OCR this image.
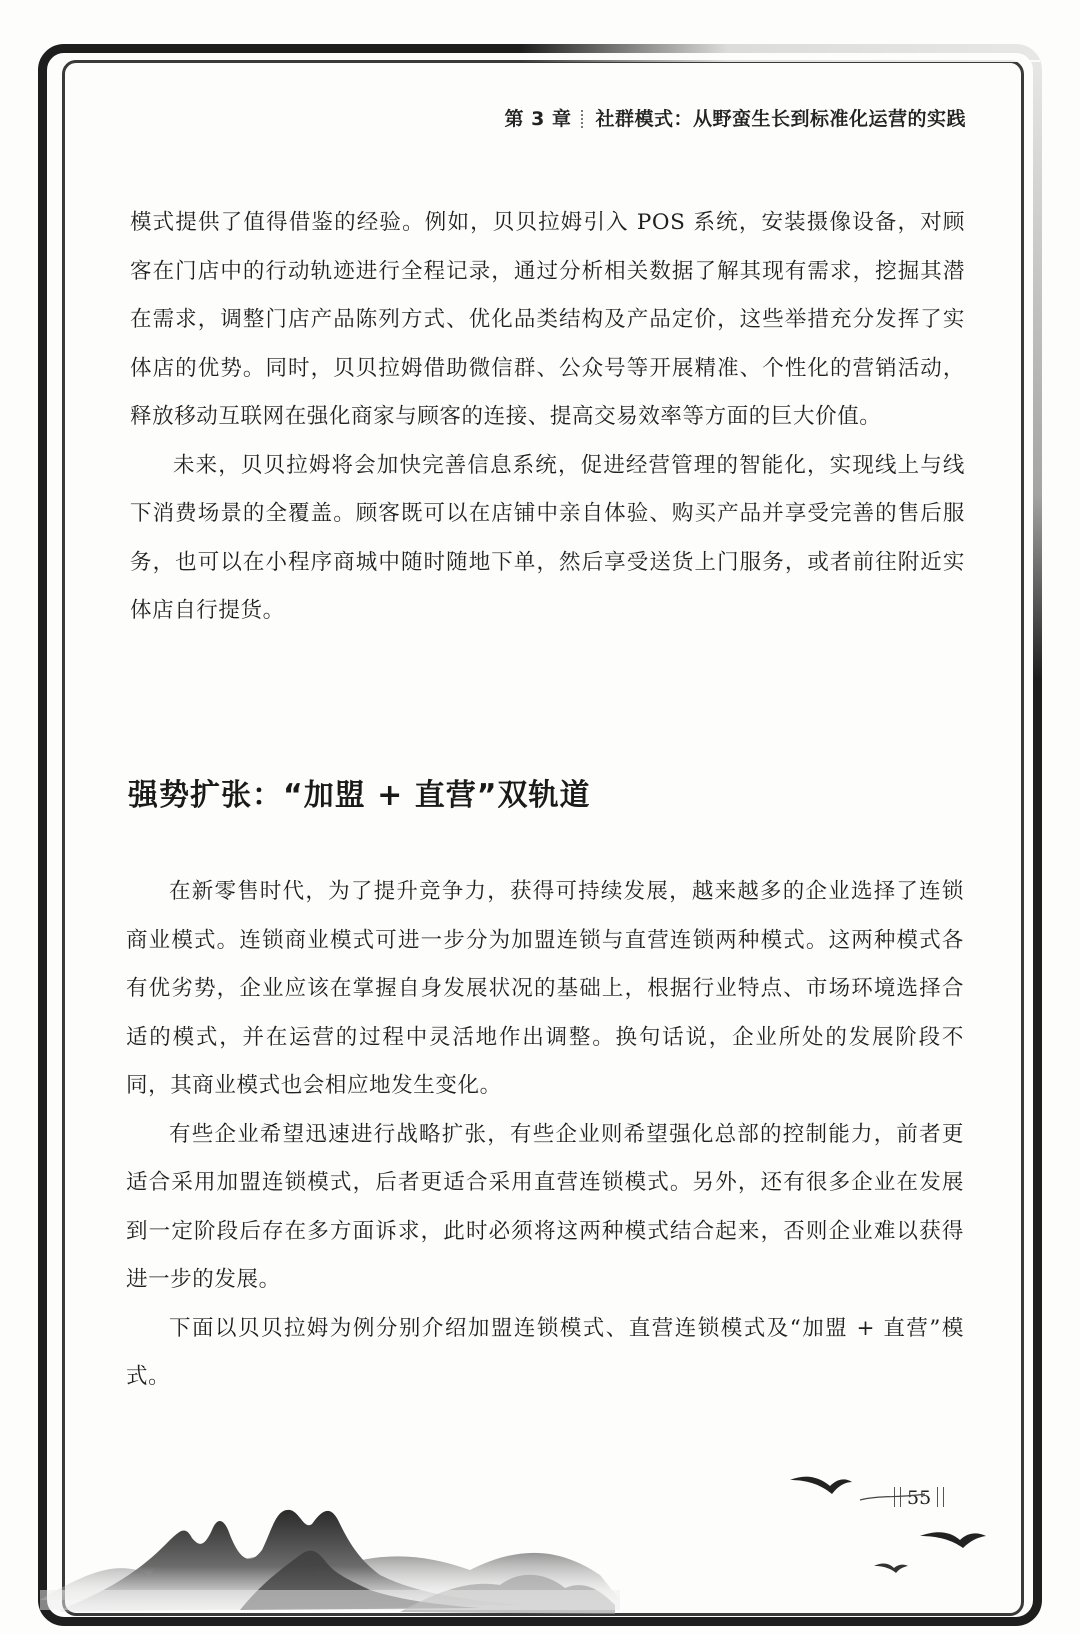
第 3 章 社群模式：从野蛮生长到标准化运营的实践

模式提供了值得借鉴的经验。例如，贝贝拉姆引入 POS 系统，安装摄像设备，对顾客在门店中的行动轨迹进行全程记录，通过分析相关数据了解其现有需求，挖掘其潜在需求，调整门店产品陈列方式、优化品类结构及产品定价，这些举措充分发挥了实体店的优势。同时，贝贝拉姆借助微信群、公众号等开展精准、个性化的营销活动，释放移动互联网在强化商家与顾客的连接、提高交易效率等方面的巨大价值。

未来，贝贝拉姆将会加快完善信息系统，促进经营管理的智能化，实现线上与线下消费场景的全覆盖。顾客既可以在店铺中亲自体验、购买产品并享受完善的售后服务，也可以在小程序商城中随时随地下单，然后享受送货上门服务，或者前往附近实体店自行提货。

强势扩张：“加盟 + 直营”双轨道

在新零售时代，为了提升竞争力，获得可持续发展，越来越多的企业选择了连锁商业模式。连锁商业模式可进一步分为加盟连锁与直营连锁两种模式。这两种模式各有优劣势，企业应该在掌握自身发展状况的基础上，根据行业特点、市场环境选择合适的模式，并在运营的过程中灵活地作出调整。换句话说，企业所处的发展阶段不同，其商业模式也会相应地发生变化。

有些企业希望迅速进行战略扩张，有些企业则希望强化总部的控制能力，前者更适合采用加盟连锁模式，后者更适合采用直营连锁模式。另外，还有很多企业在发展到一定阶段后存在多方面诉求，此时必须将这两种模式结合起来，否则企业难以获得进一步的发展。

下面以贝贝拉姆为例分别介绍加盟连锁模式、直营连锁模式及“加盟 + 直营”模式。

55
